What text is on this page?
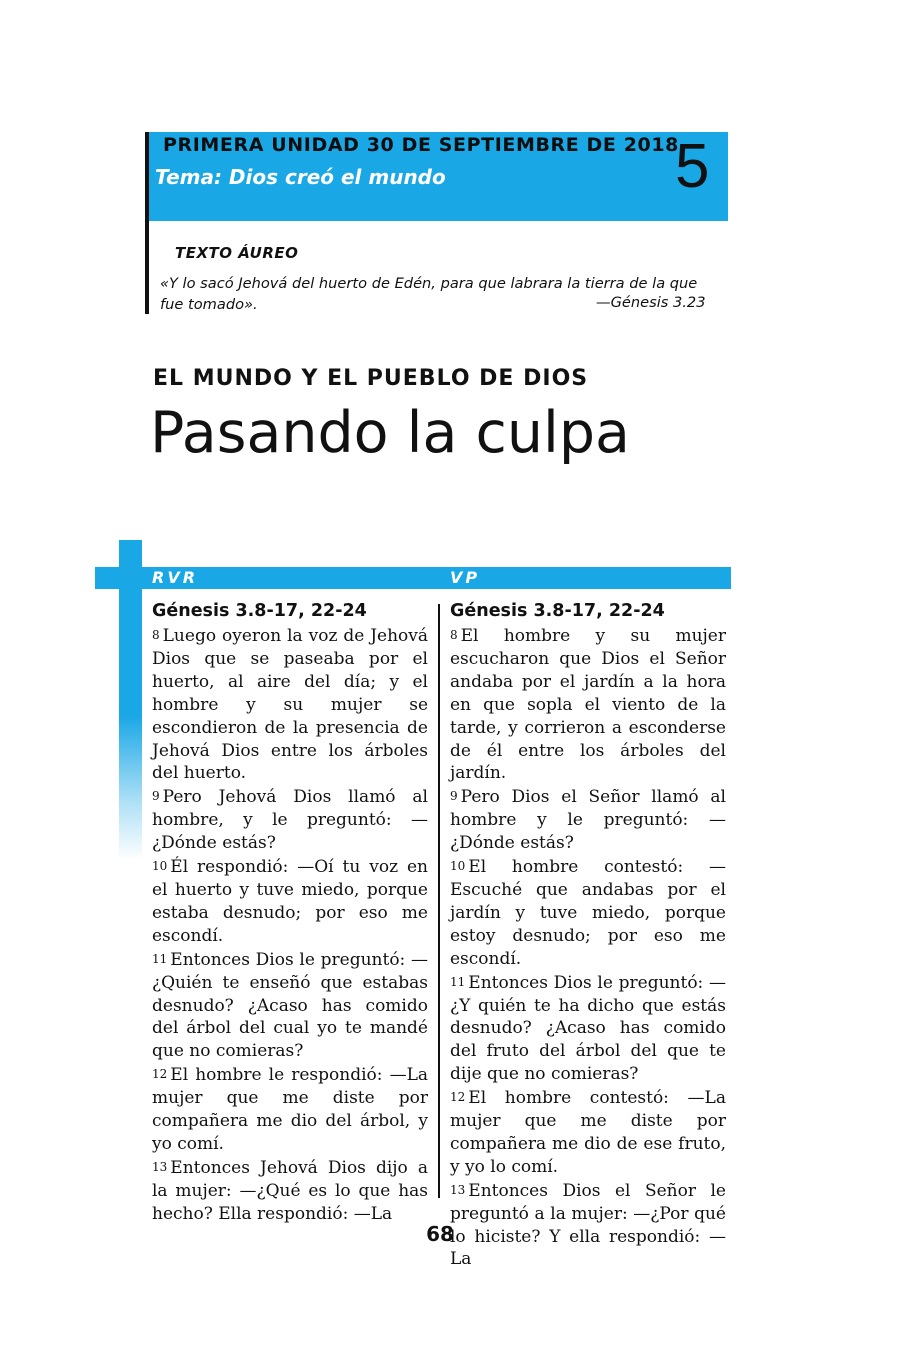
PRIMERA UNIDAD 30 DE SEPTIEMBRE DE 2018
Tema: Dios creó el mundo	5
TEXTO ÁUREO
«Y lo sacó Jehová del huerto de Edén, para que labrara la tierra de la que fue tomado».	—Génesis 3.23
EL MUNDO Y EL PUEBLO DE DIOS
Pasando la culpa
RVR	VP
Génesis 3.8-17, 22-24
8 Luego oyeron la voz de Jehová Dios que se paseaba por el huerto, al aire del día; y el hombre y su mujer se escondieron de la presencia de Jehová Dios entre los árboles del huerto.
9 Pero Jehová Dios llamó al hombre, y le preguntó: —¿Dónde estás?
10 Él respondió: —Oí tu voz en el huerto y tuve miedo, porque estaba desnudo; por eso me escondí.
11 Entonces Dios le preguntó: —¿Quién te enseñó que estabas desnudo? ¿Acaso has comido del árbol del cual yo te mandé que no comieras?
12 El hombre le respondió: —La mujer que me diste por compañera me dio del árbol, y yo comí.
13 Entonces Jehová Dios dijo a la mujer: —¿Qué es lo que has hecho? Ella respondió: —La
Génesis 3.8-17, 22-24
8 El hombre y su mujer escucharon que Dios el Señor andaba por el jardín a la hora en que sopla el viento de la tarde, y corrieron a esconderse de él entre los árboles del jardín.
9 Pero Dios el Señor llamó al hombre y le preguntó: —¿Dónde estás?
10 El hombre contestó: —Escuché que andabas por el jardín y tuve miedo, porque estoy desnudo; por eso me escondí.
11 Entonces Dios le preguntó: —¿Y quién te ha dicho que estás desnudo? ¿Acaso has comido del fruto del árbol del que te dije que no comieras?
12 El hombre contestó: —La mujer que me diste por compañera me dio de ese fruto, y yo lo comí.
13 Entonces Dios el Señor le preguntó a la mujer: —¿Por qué lo hiciste? Y ella respondió: —La
68
